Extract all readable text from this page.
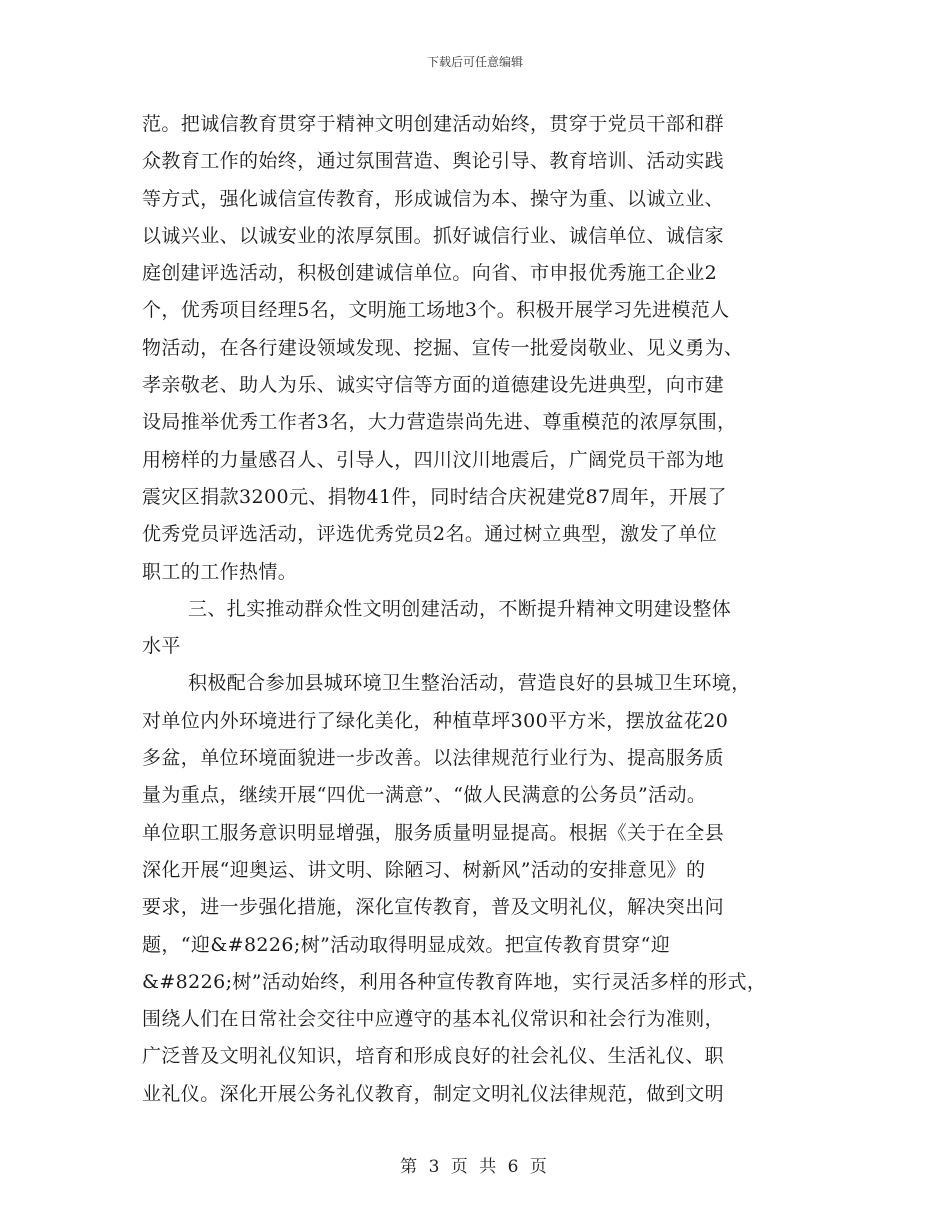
下载后可任意编辑
范。把诚信教育贯穿于精神文明创建活动始终，贯穿于党员干部和群
众教育工作的始终，通过氛围营造、舆论引导、教育培训、活动实践
等方式，强化诚信宣传教育，形成诚信为本、操守为重、以诚立业、
以诚兴业、以诚安业的浓厚氛围。抓好诚信行业、诚信单位、诚信家
庭创建评选活动，积极创建诚信单位。向省、市申报优秀施工企业2
个，优秀项目经理5名，文明施工场地3个。积极开展学习先进模范人
物活动，在各行建设领域发现、挖掘、宣传一批爱岗敬业、见义勇为、
孝亲敬老、助人为乐、诚实守信等方面的道德建设先进典型，向市建
设局推举优秀工作者3名，大力营造崇尚先进、尊重模范的浓厚氛围，
用榜样的力量感召人、引导人，四川汶川地震后，广阔党员干部为地
震灾区捐款3200元、捐物41件，同时结合庆祝建党87周年，开展了
优秀党员评选活动，评选优秀党员2名。通过树立典型，激发了单位
职工的工作热情。
三、扎实推动群众性文明创建活动，不断提升精神文明建设整体
水平
积极配合参加县城环境卫生整治活动，营造良好的县城卫生环境，
对单位内外环境进行了绿化美化，种植草坪300平方米，摆放盆花20
多盆，单位环境面貌进一步改善。以法律规范行业行为、提高服务质
量为重点，继续开展“四优一满意”、“做人民满意的公务员”活动。
单位职工服务意识明显增强，服务质量明显提高。根据《关于在全县
深化开展“迎奥运、讲文明、除陋习、树新风”活动的安排意见》的
要求，进一步强化措施，深化宣传教育，普及文明礼仪，解决突出问
题，“迎&#8226;树”活动取得明显成效。把宣传教育贯穿“迎
&#8226;树”活动始终，利用各种宣传教育阵地，实行灵活多样的形式，
围绕人们在日常社会交往中应遵守的基本礼仪常识和社会行为准则，
广泛普及文明礼仪知识，培育和形成良好的社会礼仪、生活礼仪、职
业礼仪。深化开展公务礼仪教育，制定文明礼仪法律规范，做到文明
第 3 页 共 6 页
